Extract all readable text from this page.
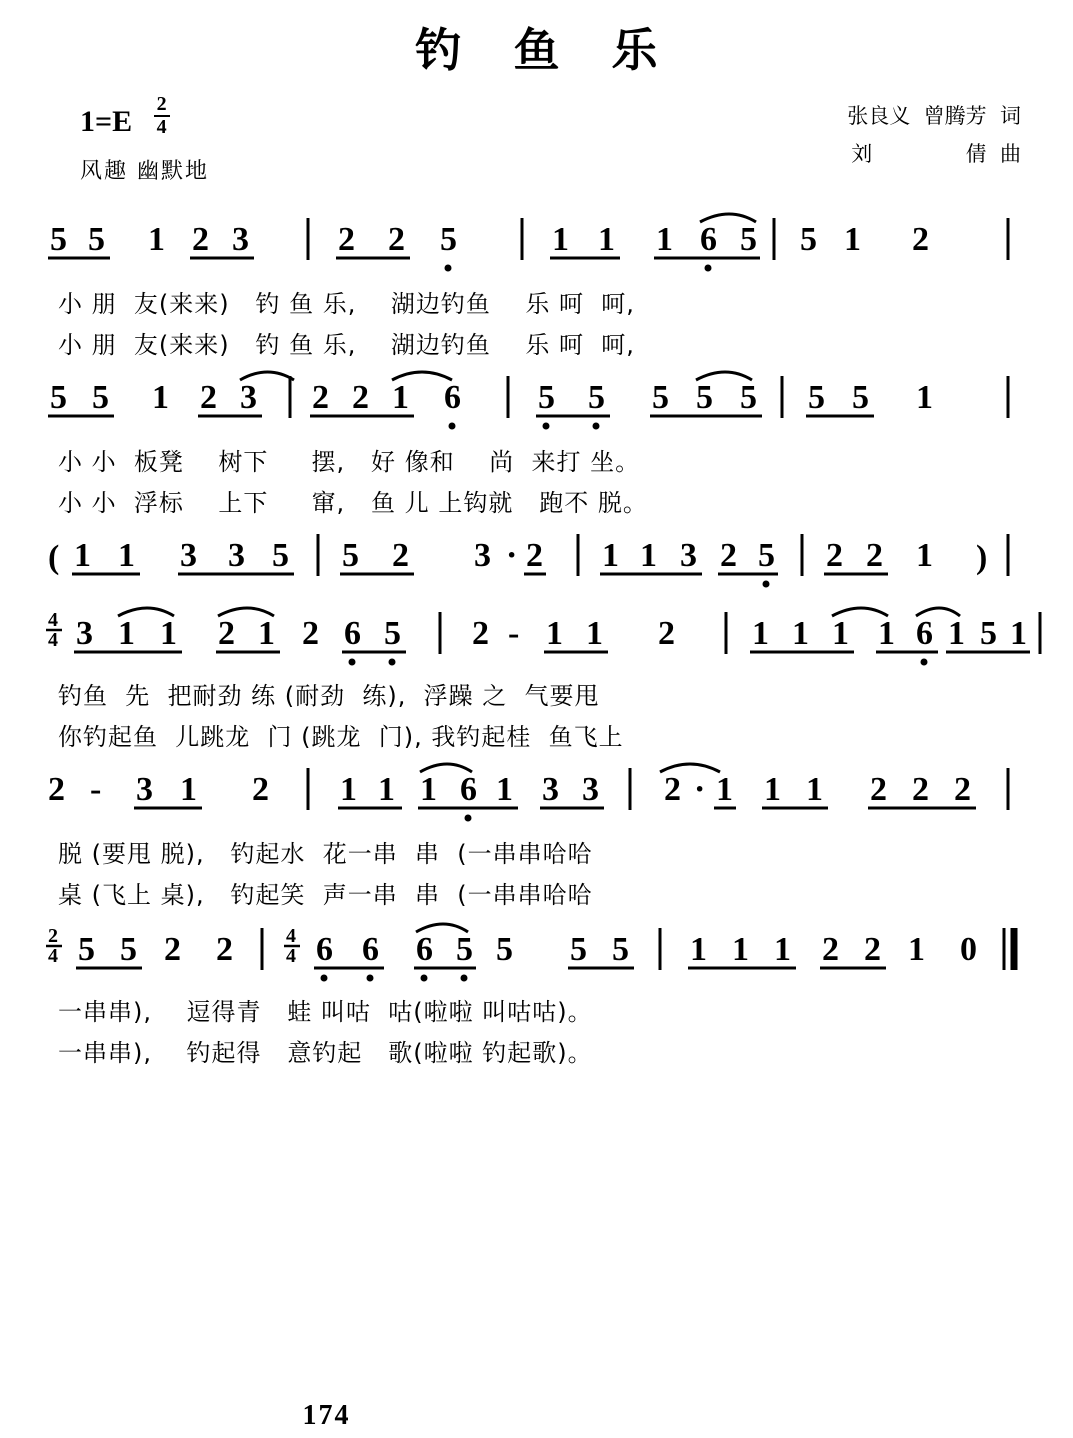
钓 鱼 乐
$1=E \frac{2}{4}$
风趣 幽默地
张良义  曾腾芳  词
刘              倩  曲
5 5 1 2 3	2 2 5	1 1 1 6 5 5 1 2
小 朋  友(来来)   钓 鱼 乐,    湖边钓鱼    乐 呵  呵,
小 朋  友(来来)   钓 鱼 乐,    湖边钓鱼    乐 呵  呵,
5 5 1 2 3 2 2 1 6 5 5 5 5 5 5 5 1
小 小  板凳    树下     摆,   好 像和    尚  来打 坐。
小 小  浮标    上下     窜,   鱼 儿 上钩就   跑不 脱。
( 1 1 3 3 5 5 2 3 · 2 1 1 3 2 5 2 2 1 )
4
4 3 1 1 2 1 2 6 5 2 - 1 1 2 1 1 1 1 6 1 5 1
钓鱼  先  把耐劲 练 (耐劲  练),  浮躁 之  气要甩
你钓起鱼  儿跳龙  门 (跳龙  门), 我钓起桂  鱼飞上
2 - 3 1 2 1 1 1 6 1 3 3 2 · 1 1 1 2 2 2
脱 (要甩 脱),   钓起水  花一串  串  (一串串哈哈
桌 (飞上 桌),   钓起笑  声一串  串  (一串串哈哈
2
4
4
4
5 5 2 2 6 6 6 5 5 5 5 1 1 1 2 2 1 0
一串串),    逗得青   蛙 叫咕  咕(啦啦 叫咕咕)。
一串串),    钓起得   意钓起   歌(啦啦 钓起歌)。
174
